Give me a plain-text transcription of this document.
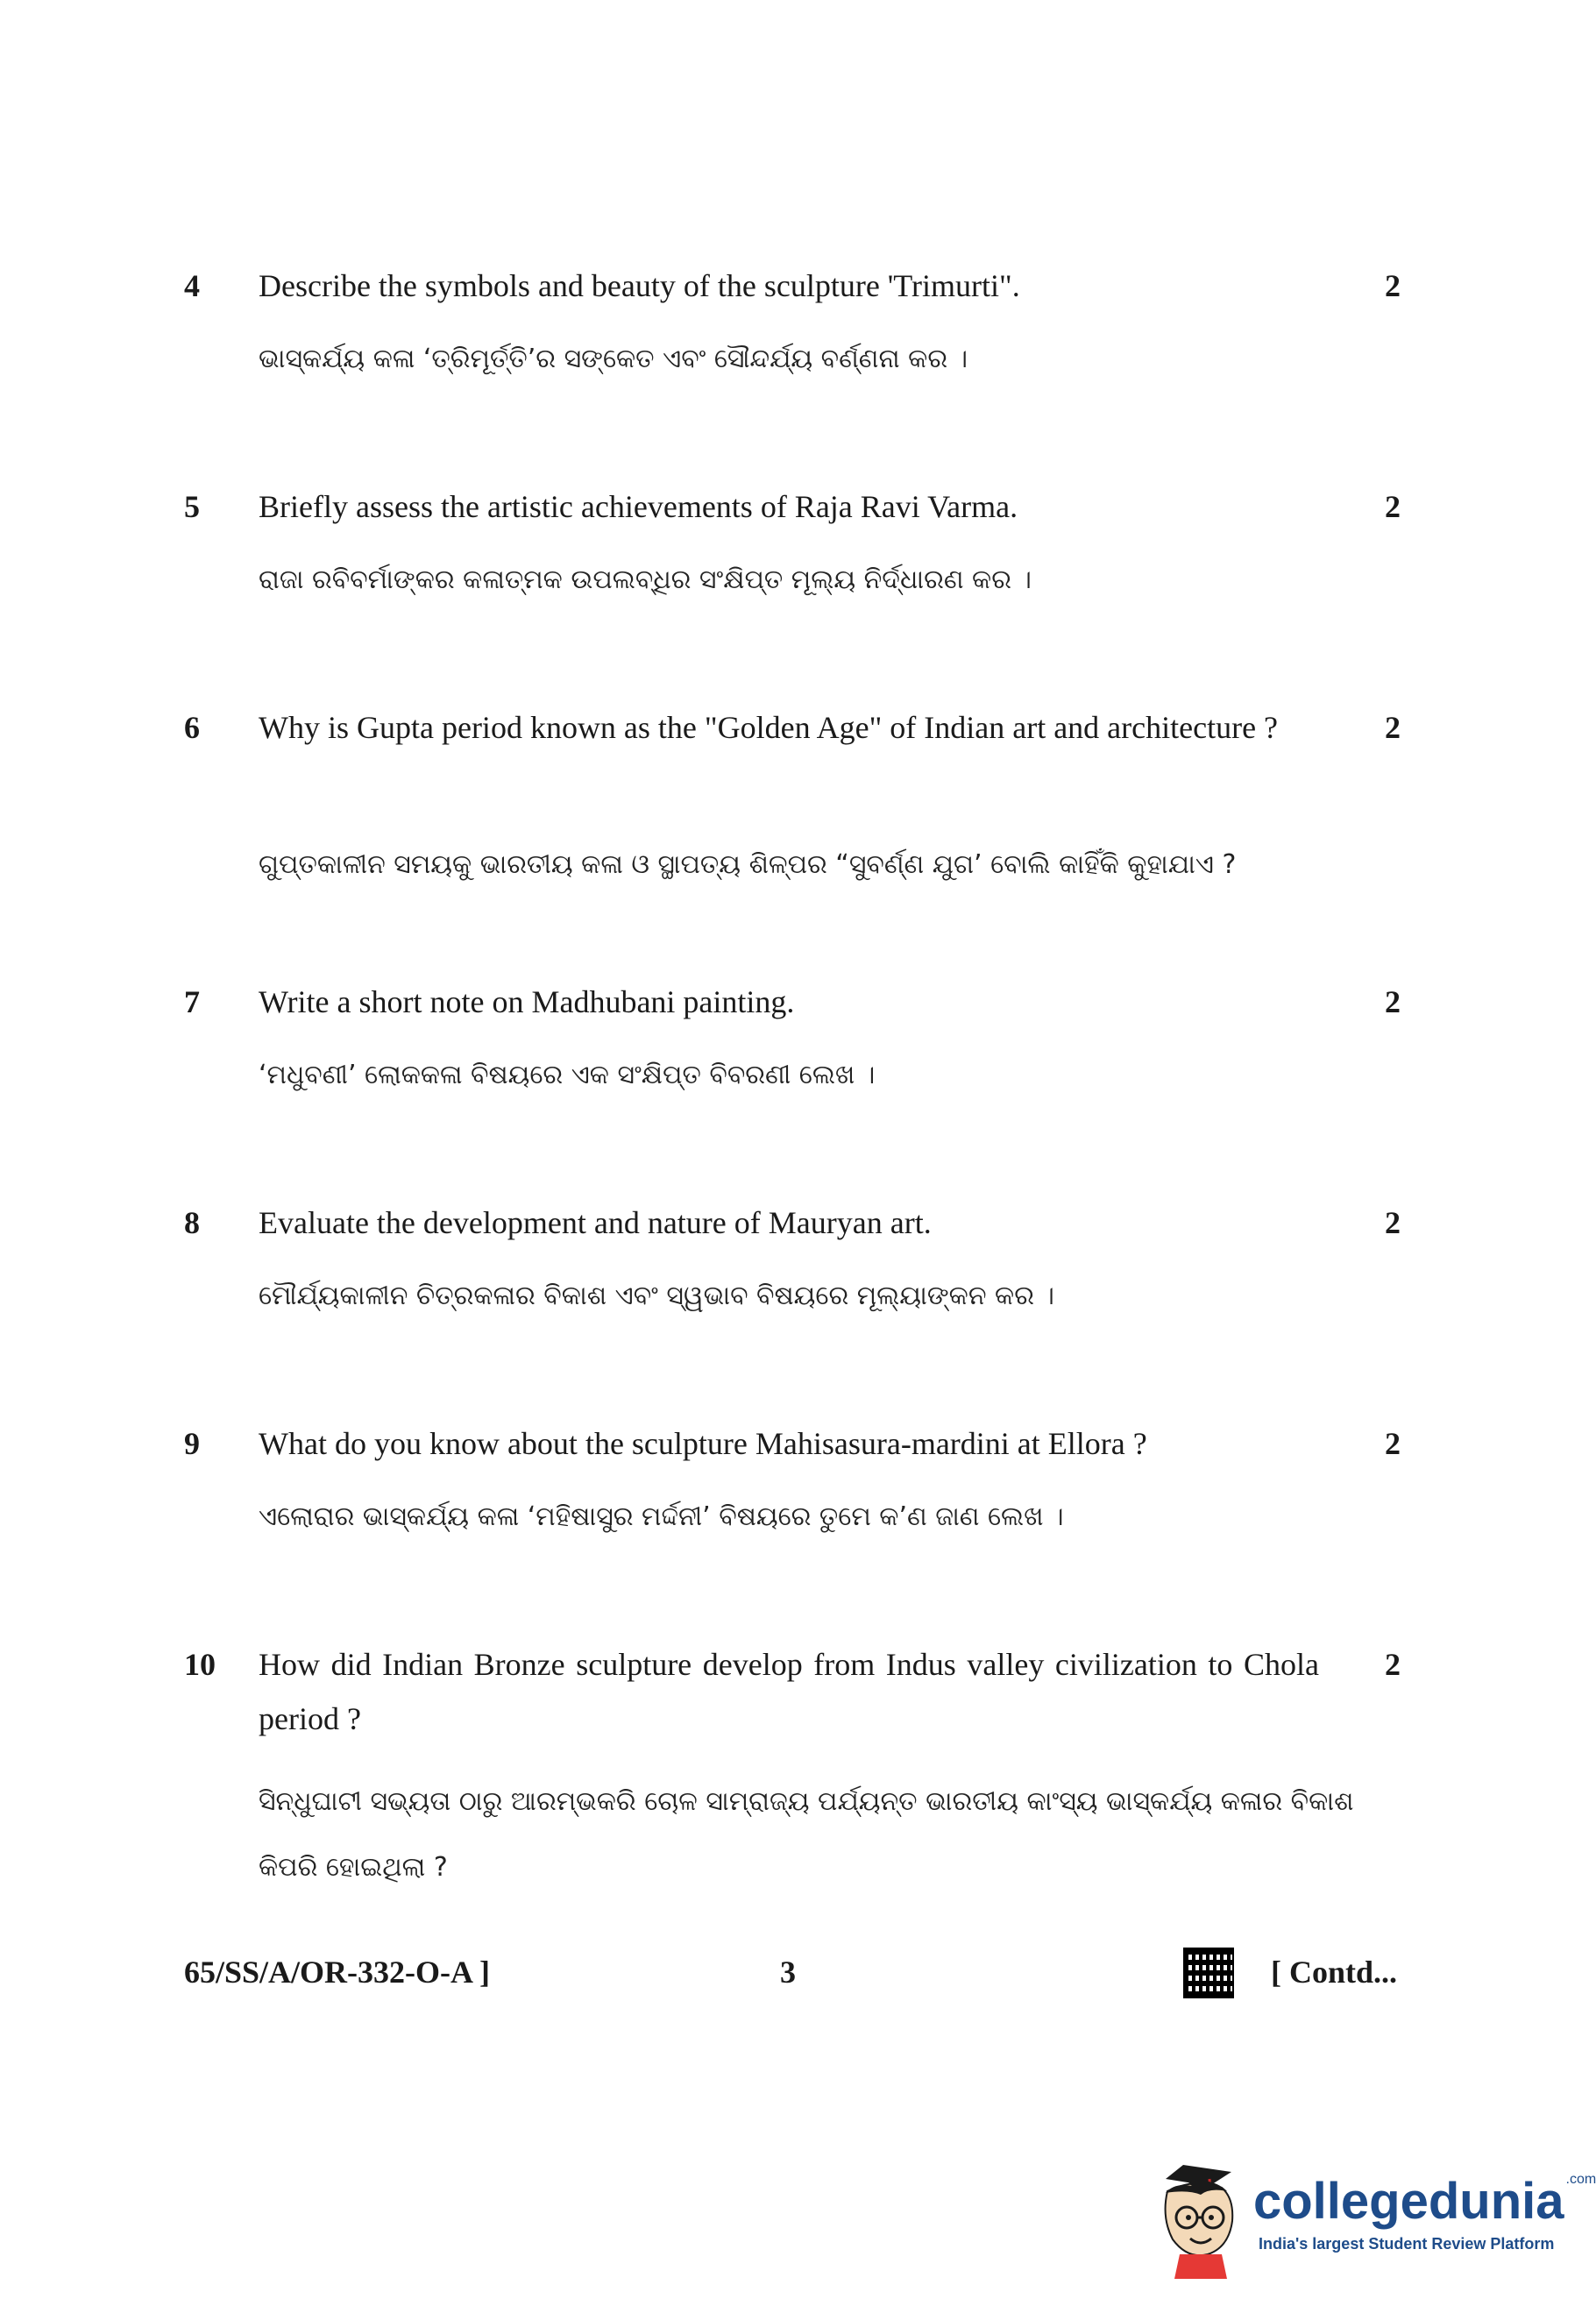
4 Describe the symbols and beauty of the sculpture 'Trimurti".	2
ଭାସ୍କର୍ଯ୍ୟ କଳା ‘ତ୍ରିମୂର୍ତ୍ତି’ର ସଙ୍କେତ ଏବଂ ସୌନ୍ଦର୍ଯ୍ୟ ବର୍ଣ୍ଣନା କର ।
5 Briefly assess the artistic achievements of Raja Ravi Varma.	2
ରାଜା ରବିବର୍ମାଙ୍କର କଳାତ୍ମକ ଉପଲବ୍ଧିର ସଂକ୍ଷିପ୍ତ ମୂଲ୍ୟ ନିର୍ଦ୍ଧାରଣ କର ।
6 Why is Gupta period known as the "Golden Age" of Indian art and architecture ?	2
ଗୁପ୍ତକାଳୀନ ସମୟକୁ ଭାରତୀୟ କଳା ଓ ସ୍ଥାପତ୍ୟ ଶିଳ୍ପର “ସୁବର୍ଣ୍ଣ ଯୁଗ’ ବୋଲି କାହିଁକି କୁହାଯାଏ ?
7 Write a short note on Madhubani painting.	2
‘ମଧୁବଣୀ’ ଲୋକକଳା ବିଷୟରେ ଏକ ସଂକ୍ଷିପ୍ତ ବିବରଣୀ ଲେଖ ।
8 Evaluate the development and nature of Mauryan art.	2
ମୌର୍ଯ୍ୟକାଳୀନ ଚିତ୍ରକଳାର ବିକାଶ ଏବଂ ସ୍ୱଭାବ ବିଷୟରେ ମୂଲ୍ୟାଙ୍କନ କର ।
9 What do you know about the sculpture Mahisasura-mardini at Ellora ?	2
ଏଲୋରାର ଭାସ୍କର୍ଯ୍ୟ କଳା ‘ମହିଷାସୁର ମର୍ଦ୍ଦନୀ’ ବିଷୟରେ ତୁମେ କ’ଣ ଜାଣ ଲେଖ ।
10 How did Indian Bronze sculpture develop from Indus valley civilization to Chola period ?
2
ସିନ୍ଧୁଘାଟୀ ସଭ୍ୟତା ଠାରୁ ଆରମ୍ଭକରି ଚୋଳ ସାମ୍ରାଜ୍ୟ ପର୍ଯ୍ୟନ୍ତ ଭାରତୀୟ କାଂସ୍ୟ ଭାସ୍କର୍ଯ୍ୟ କଳାର ବିକାଶ କିପରି ହୋଇଥିଲା ?
65/SS/A/OR-332-O-A ]	3	[ Contd...
collegedunia $^{.com}$
India's largest Student Review Platform
